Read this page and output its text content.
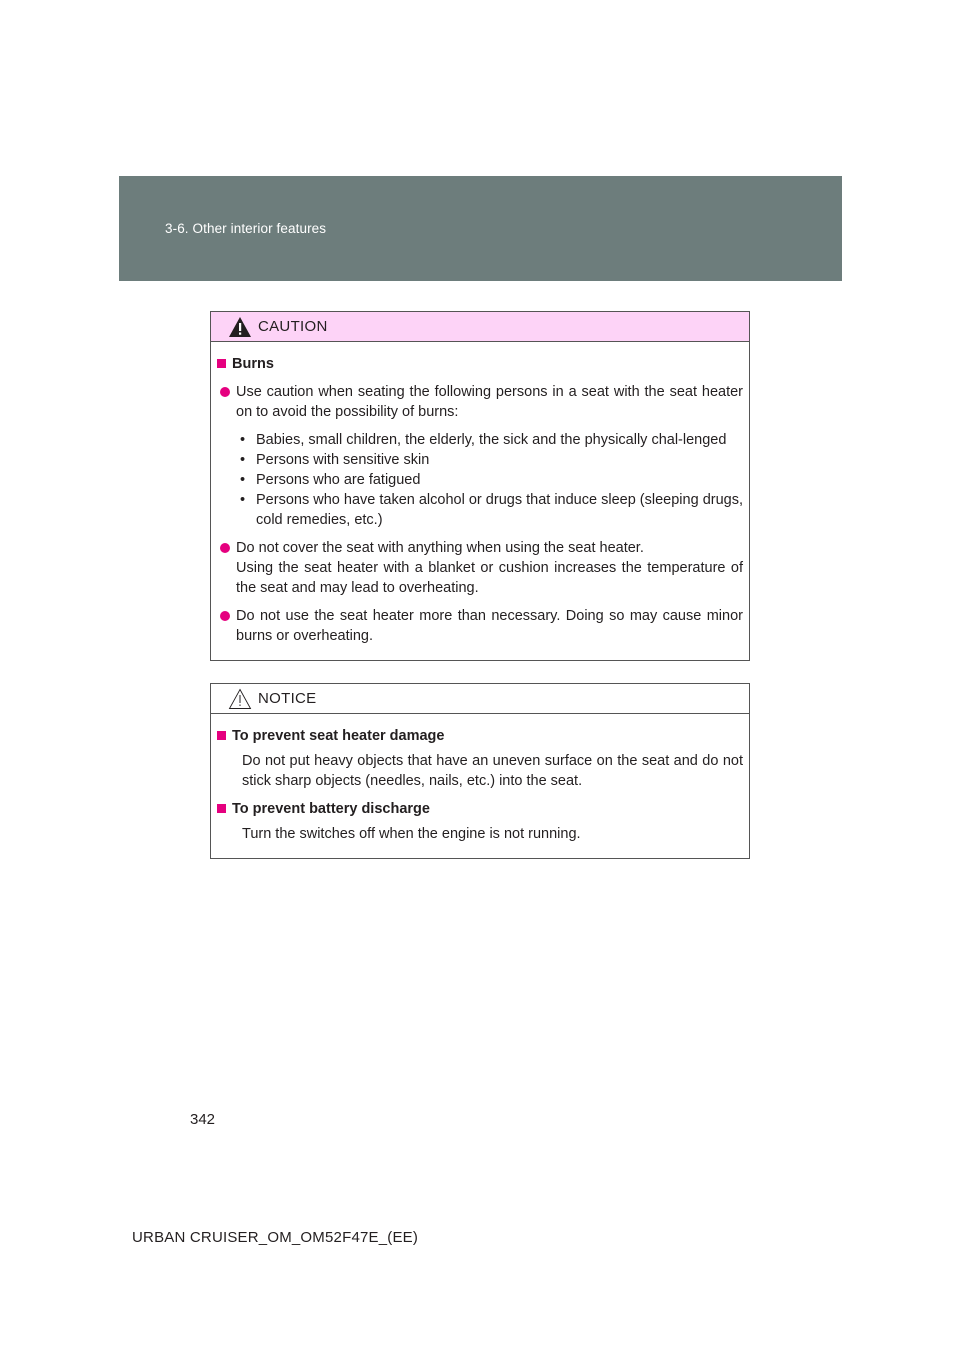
3-6. Other interior features
CAUTION
Burns
Use caution when seating the following persons in a seat with the seat heater on to avoid the possibility of burns:
• Babies, small children, the elderly, the sick and the physically chal-lenged
• Persons with sensitive skin
• Persons who are fatigued
• Persons who have taken alcohol or drugs that induce sleep (sleeping drugs, cold remedies, etc.)
Do not cover the seat with anything when using the seat heater.
Using the seat heater with a blanket or cushion increases the temperature of the seat and may lead to overheating.
Do not use the seat heater more than necessary. Doing so may cause minor burns or overheating.
NOTICE
To prevent seat heater damage
Do not put heavy objects that have an uneven surface on the seat and do not stick sharp objects (needles, nails, etc.) into the seat.
To prevent battery discharge
Turn the switches off when the engine is not running.
342
URBAN CRUISER_OM_OM52F47E_(EE)
